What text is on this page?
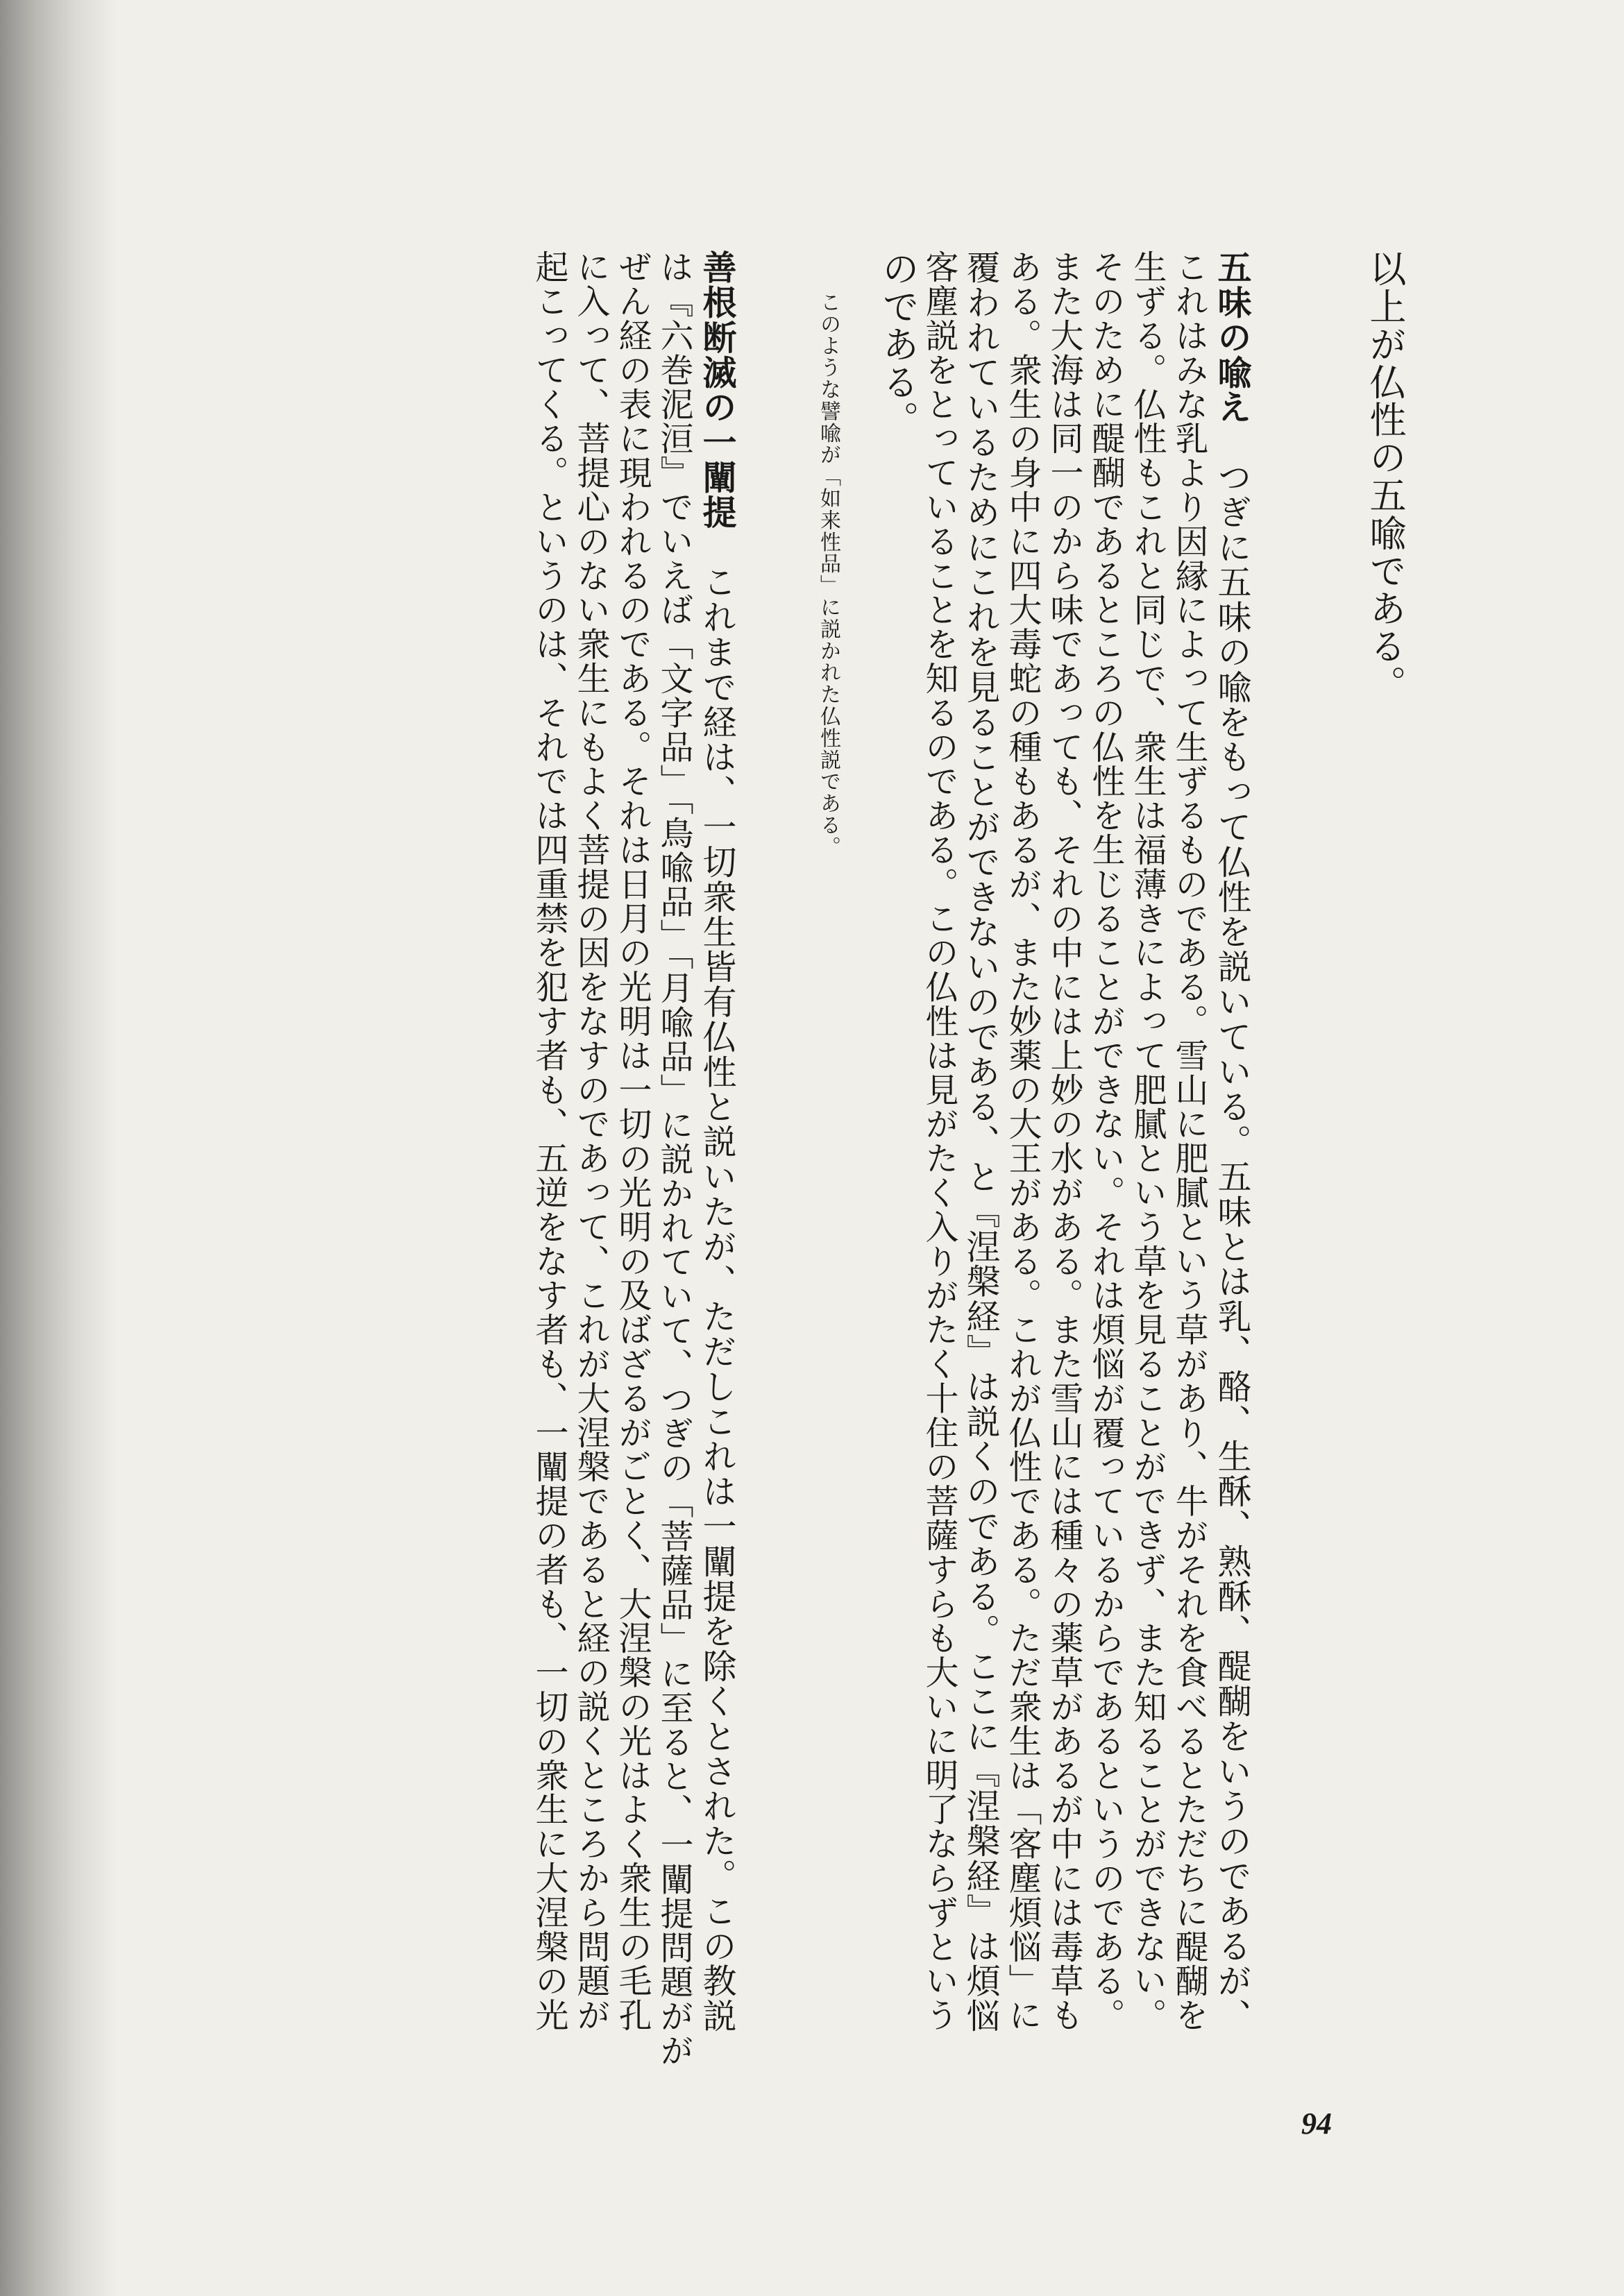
以上が仏性の五喩である。
五味の喩え　つぎに五味の喩をもって仏性を説いている。五味とは乳、酪、生酥、熟酥、醍醐をいうのであるが、
これはみな乳より因縁によって生ずるものである。雪山に肥膩という草があり、牛がそれを食べるとただちに醍醐を
生ずる。仏性もこれと同じで、衆生は福薄きによって肥膩という草を見ることができず、また知ることができない。
そのために醍醐であるところの仏性を生じることができない。それは煩悩が覆っているからであるというのである。
また大海は同一のから味であっても、それの中には上妙の水がある。また雪山には種々の薬草があるが中には毒草も
ある。衆生の身中に四大毒蛇の種もあるが、また妙薬の大王がある。これが仏性である。ただ衆生は「客塵煩悩」に
覆われているためにこれを見ることができないのである、と『涅槃経』は説くのである。ここに『涅槃経』は煩悩
客塵説をとっていることを知るのである。この仏性は見がたく入りがたく十住の菩薩すらも大いに明了ならずという
のである。
このような譬喩が「如来性品」に説かれた仏性説である。
善根断滅の一闡提　これまで経は、一切衆生皆有仏性と説いたが、ただしこれは一闡提を除くとされた。この教説
は『六巻泥洹』でいえば「文字品」「鳥喩品」「月喩品」に説かれていて、つぎの「菩薩品」に至ると、一闡提問題がが
ぜん経の表に現われるのである。それは日月の光明は一切の光明の及ばざるがごとく、大涅槃の光はよく衆生の毛孔
に入って、菩提心のない衆生にもよく菩提の因をなすのであって、これが大涅槃であると経の説くところから問題が
起こってくる。というのは、それでは四重禁を犯す者も、五逆をなす者も、一闡提の者も、一切の衆生に大涅槃の光
94
